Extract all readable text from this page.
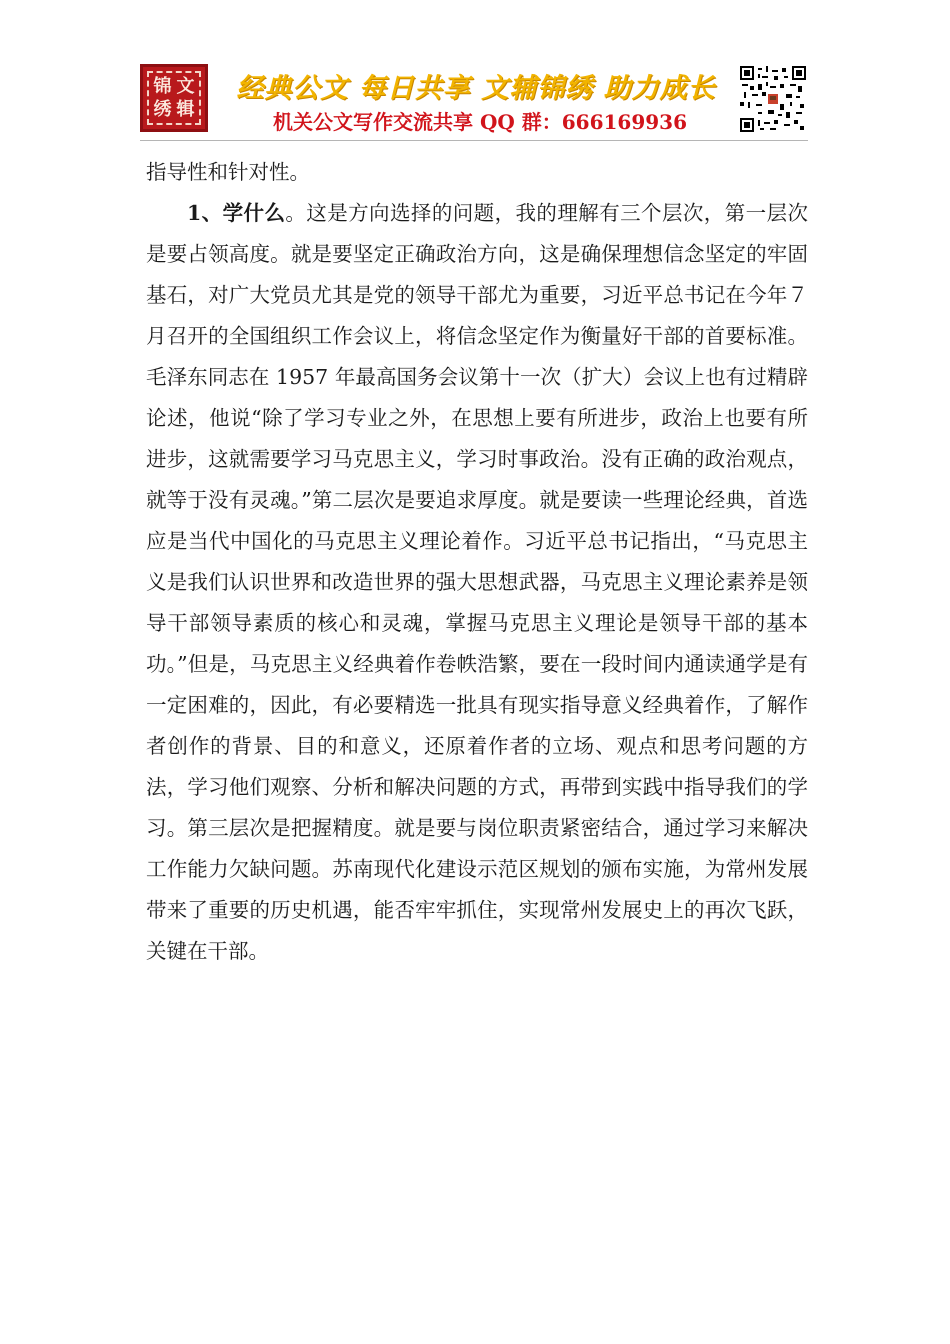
锦 文
绣 辑
经典公文 每日共享 文辅锦绣 助力成长
机关公文写作交流共享 QQ 群：666169936

指导性和针对性。

1、学什么。这是方向选择的问题，我的理解有三个层次，第一层次是要占领高度。就是要坚定正确政治方向，这是确保理想信念坚定的牢固基石，对广大党员尤其是党的领导干部尤为重要，习近平总书记在今年７月召开的全国组织工作会议上，将信念坚定作为衡量好干部的首要标准。毛泽东同志在 1957 年最高国务会议第十一次（扩大）会议上也有过精辟论述，他说“除了学习专业之外，在思想上要有所进步，政治上也要有所进步，这就需要学习马克思主义，学习时事政治。没有正确的政治观点，就等于没有灵魂。”第二层次是要追求厚度。就是要读一些理论经典，首选应是当代中国化的马克思主义理论着作。习近平总书记指出，“马克思主义是我们认识世界和改造世界的强大思想武器，马克思主义理论素养是领导干部领导素质的核心和灵魂，掌握马克思主义理论是领导干部的基本功。”但是，马克思主义经典着作卷帙浩繁，要在一段时间内通读通学是有一定困难的，因此，有必要精选一批具有现实指导意义经典着作，了解作者创作的背景、目的和意义，还原着作者的立场、观点和思考问题的方法，学习他们观察、分析和解决问题的方式，再带到实践中指导我们的学习。第三层次是把握精度。就是要与岗位职责紧密结合，通过学习来解决工作能力欠缺问题。苏南现代化建设示范区规划的颁布实施，为常州发展带来了重要的历史机遇，能否牢牢抓住，实现常州发展史上的再次飞跃，关键在干部。
